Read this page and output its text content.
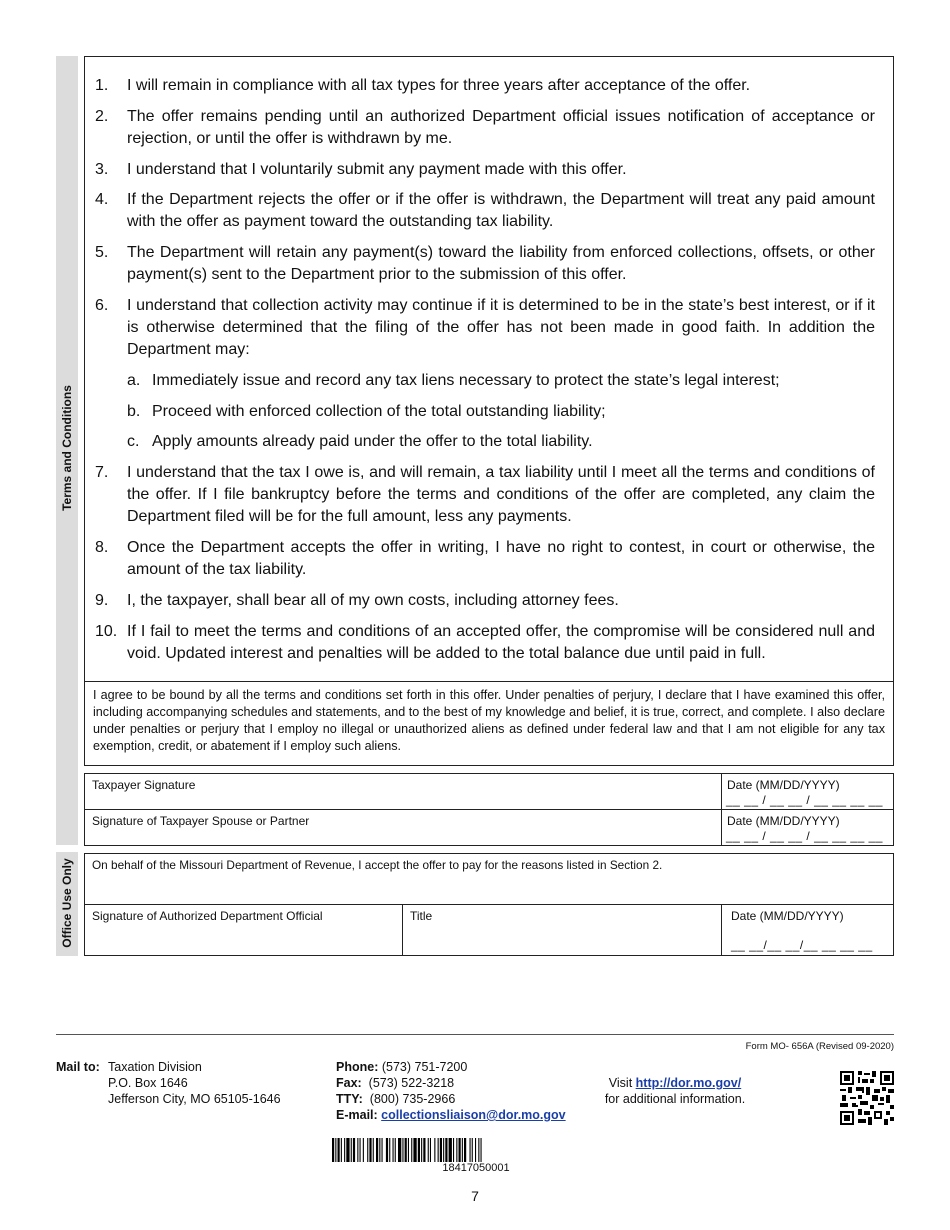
Terms and Conditions
Office Use Only
1. I will remain in compliance with all tax types for three years after acceptance of the offer.
2. The offer remains pending until an authorized Department official issues notification of acceptance or rejection, or until the offer is withdrawn by me.
3. I understand that I voluntarily submit any payment made with this offer.
4. If the Department rejects the offer or if the offer is withdrawn, the Department will treat any paid amount with the offer as payment toward the outstanding tax liability.
5. The Department will retain any payment(s) toward the liability from enforced collections, offsets, or other payment(s) sent to the Department prior to the submission of this offer.
6. I understand that collection activity may continue if it is determined to be in the state’s best interest, or if it is otherwise determined that the filing of the offer has not been made in good faith. In addition the Department may:
a. Immediately issue and record any tax liens necessary to protect the state’s legal interest;
b. Proceed with enforced collection of the total outstanding liability;
c. Apply amounts already paid under the offer to the total liability.
7. I understand that the tax I owe is, and will remain, a tax liability until I meet all the terms and conditions of the offer. If I file bankruptcy before the terms and conditions of the offer are completed, any claim the Department filed will be for the full amount, less any payments.
8. Once the Department accepts the offer in writing, I have no right to contest, in court or otherwise, the amount of the tax liability.
9. I, the taxpayer, shall bear all of my own costs, including attorney fees.
10. If I fail to meet the terms and conditions of an accepted offer, the compromise will be considered null and void. Updated interest and penalties will be added to the total balance due until paid in full.
I agree to be bound by all the terms and conditions set forth in this offer. Under penalties of perjury, I declare that I have examined this offer, including accompanying schedules and statements, and to the best of my knowledge and belief, it is true, correct, and complete. I also declare under penalties or perjury that I employ no illegal or unauthorized aliens as defined under federal law and that I am not eligible for any tax exemption, credit, or abatement if I employ such aliens.
Taxpayer Signature	Date (MM/DD/YYYY)
__ __ / __ __ / __ __ __ __
Signature of Taxpayer Spouse or Partner	Date (MM/DD/YYYY)
__ __ / __ __ / __ __ __ __
On behalf of the Missouri Department of Revenue, I accept the offer to pay for the reasons listed in Section 2.
Signature of Authorized Department Official	Title	Date (MM/DD/YYYY)
__ __/__ __/__ __ __ __
Form MO- 656A (Revised 09-2020)
Mail to: Taxation Division
P.O. Box 1646
Jefferson City, MO 65105-1646
Phone: (573) 751-7200
Fax: (573) 522-3218
TTY: (800) 735-2966
E-mail: collectionsliaison@dor.mo.gov
Visit http://dor.mo.gov/
for additional information.
18417050001
7
